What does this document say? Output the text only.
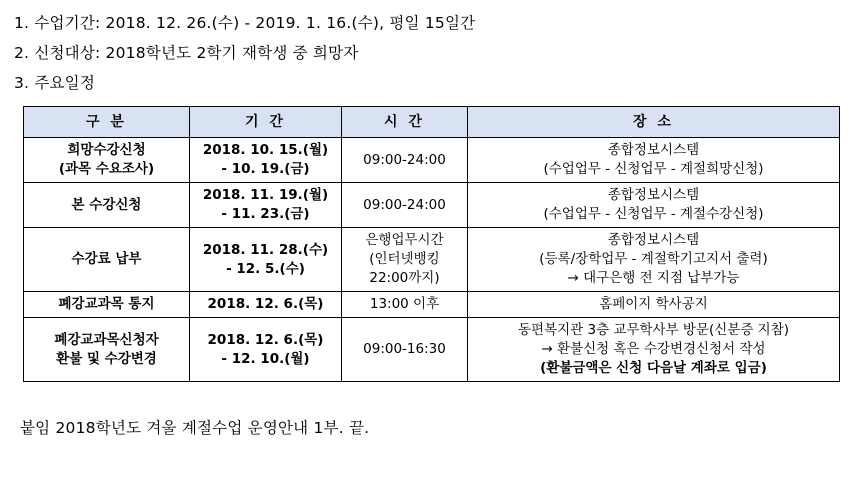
1. 수업기간: 2018. 12. 26.(수) - 2019. 1. 16.(수), 평일 15일간
2. 신청대상: 2018학년도 2학기 재학생 중 희망자
3. 주요일정
구 분	기 간	시 간	장 소

희망수강신청
(과목 수요조사)	2018. 10. 15.(월)
- 10. 19.(금)	09:00-24:00	종합정보시스템
(수업업무 - 신청업무 - 계절희망신청)

본 수강신청	2018. 11. 19.(월)
- 11. 23.(금)	09:00-24:00	종합정보시스템
(수업업무 - 신청업무 - 계절수강신청)

수강료 납부	2018. 11. 28.(수)
- 12. 5.(수)	은행업무시간
(인터넷뱅킹
22:00까지)	종합정보시스템
(등록/장학업무 - 계절학기고지서 출력)
→ 대구은행 전 지점 납부가능

폐강교과목 통지	2018. 12. 6.(목)	13:00 이후	홈페이지 학사공지

폐강교과목신청자
환불 및 수강변경	2018. 12. 6.(목)
- 12. 10.(월)	09:00-16:30	동편복지관 3층 교무학사부 방문(신분증 지참)
→ 환불신청 혹은 수강변경신청서 작성
(환불금액은 신청 다음날 계좌로 입금)
붙임 2018학년도 겨울 계절수업 운영안내 1부. 끝.
